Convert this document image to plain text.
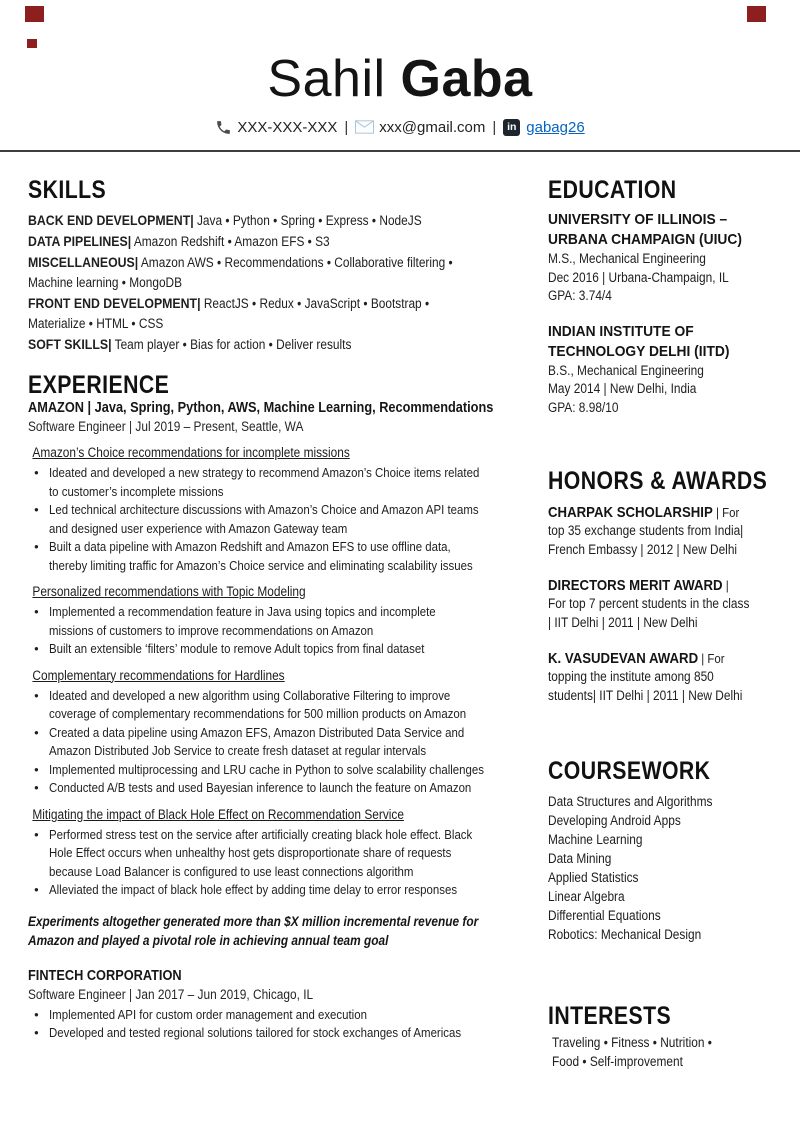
Sahil Gaba
XXX-XXX-XXX | xxx@gmail.com |	in gabag26
SKILLS
BACK END DEVELOPMENT| Java • Python • Spring • Express • NodeJS
DATA PIPELINES| Amazon Redshift • Amazon EFS • S3
MISCELLANEOUS| Amazon AWS • Recommendations • Collaborative filtering •
Machine learning • MongoDB
FRONT END DEVELOPMENT| ReactJS • Redux • JavaScript • Bootstrap •
Materialize • HTML • CSS
SOFT SKILLS| Team player • Bias for action • Deliver results
EXPERIENCE
AMAZON | Java, Spring, Python, AWS, Machine Learning, Recommendations
Software Engineer | Jul 2019 – Present, Seattle, WA
Amazon’s Choice recommendations for incomplete missions
● Ideated and developed a new strategy to recommend Amazon’s Choice items related
to customer’s incomplete missions
● Led technical architecture discussions with Amazon’s Choice and Amazon API teams
and designed user experience with Amazon Gateway team
● Built a data pipeline with Amazon Redshift and Amazon EFS to use offline data,
thereby limiting traffic for Amazon’s Choice service and eliminating scalability issues
Personalized recommendations with Topic Modeling
● Implemented a recommendation feature in Java using topics and incomplete
missions of customers to improve recommendations on Amazon
● Built an extensible ‘filters’ module to remove Adult topics from final dataset
Complementary recommendations for Hardlines
● Ideated and developed a new algorithm using Collaborative Filtering to improve
coverage of complementary recommendations for 500 million products on Amazon
● Created a data pipeline using Amazon EFS, Amazon Distributed Data Service and
Amazon Distributed Job Service to create fresh dataset at regular intervals
● Implemented multiprocessing and LRU cache in Python to solve scalability challenges
● Conducted A/B tests and used Bayesian inference to launch the feature on Amazon
Mitigating the impact of Black Hole Effect on Recommendation Service
● Performed stress test on the service after artificially creating black hole effect. Black
Hole Effect occurs when unhealthy host gets disproportionate share of requests
because Load Balancer is configured to use least connections algorithm
● Alleviated the impact of black hole effect by adding time delay to error responses
Experiments altogether generated more than $X million incremental revenue for
Amazon and played a pivotal role in achieving annual team goal
FINTECH CORPORATION
Software Engineer | Jan 2017 – Jun 2019, Chicago, IL
● Implemented API for custom order management and execution
● Developed and tested regional solutions tailored for stock exchanges of Americas
EDUCATION
UNIVERSITY OF ILLINOIS –
URBANA CHAMPAIGN (UIUC)
M.S., Mechanical Engineering
Dec 2016 | Urbana-Champaign, IL
GPA: 3.74/4
INDIAN INSTITUTE OF
TECHNOLOGY DELHI (IITD)
B.S., Mechanical Engineering
May 2014 | New Delhi, India
GPA: 8.98/10
HONORS & AWARDS
CHARPAK SCHOLARSHIP | For
top 35 exchange students from India|
French Embassy | 2012 | New Delhi
DIRECTORS MERIT AWARD |
For top 7 percent students in the class
| IIT Delhi | 2011 | New Delhi
K. VASUDEVAN AWARD | For
topping the institute among 850
students| IIT Delhi | 2011 | New Delhi
COURSEWORK
Data Structures and Algorithms
Developing Android Apps
Machine Learning
Data Mining
Applied Statistics
Linear Algebra
Differential Equations
Robotics: Mechanical Design
INTERESTS
Traveling • Fitness • Nutrition •
Food • Self-improvement
